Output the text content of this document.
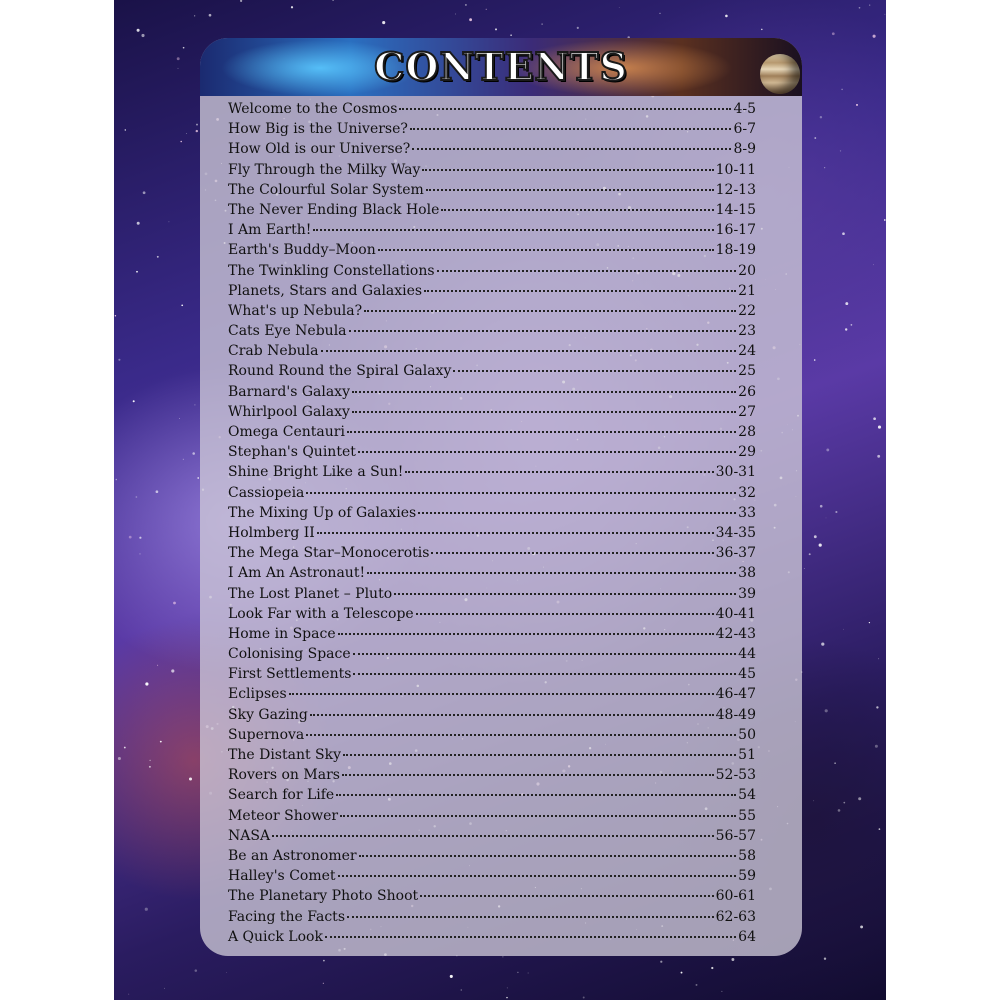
CONTENTS
Welcome to the Cosmos	4-5
How Big is the Universe?	6-7
How Old is our Universe?	8-9
Fly Through the Milky Way	10-11
The Colourful Solar System	12-13
The Never Ending Black Hole	14-15
I Am Earth!	16-17
Earth's Buddy–Moon	18-19
The Twinkling Constellations	20
Planets, Stars and Galaxies	21
What's up Nebula?	22
Cats Eye Nebula	23
Crab Nebula	24
Round Round the Spiral Galaxy	25
Barnard's Galaxy	26
Whirlpool Galaxy	27
Omega Centauri	28
Stephan's Quintet	29
Shine Bright Like a Sun!	30-31
Cassiopeia	32
The Mixing Up of Galaxies	33
Holmberg II	34-35
The Mega Star–Monocerotis	36-37
I Am An Astronaut!	38
The Lost Planet – Pluto	39
Look Far with a Telescope	40-41
Home in Space	42-43
Colonising Space	44
First Settlements	45
Eclipses	46-47
Sky Gazing	48-49
Supernova	50
The Distant Sky	51
Rovers on Mars	52-53
Search for Life	54
Meteor Shower	55
NASA	56-57
Be an Astronomer	58
Halley's Comet	59
The Planetary Photo Shoot	60-61
Facing the Facts	62-63
A Quick Look	64
